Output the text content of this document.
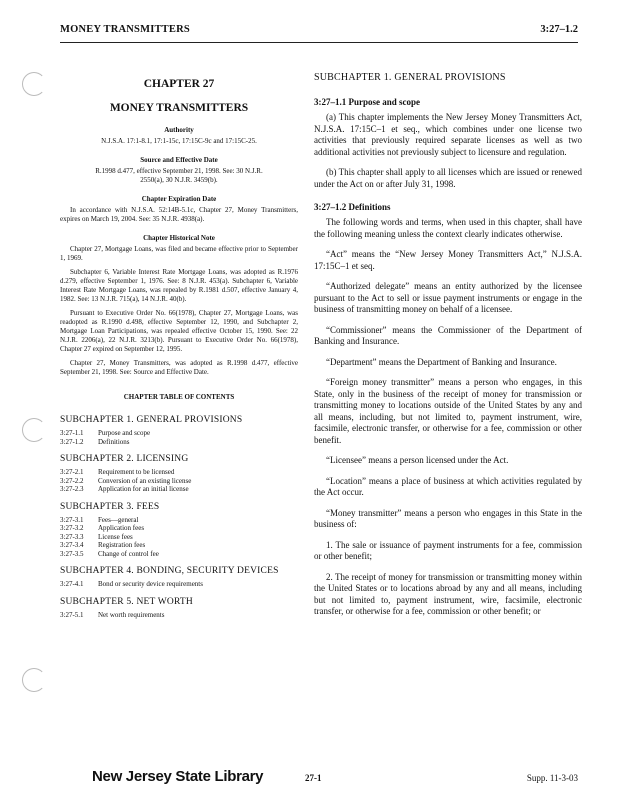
MONEY TRANSMITTERS	3:27–1.2
CHAPTER 27
MONEY TRANSMITTERS
Authority
N.J.S.A. 17:1-8.1, 17:1-15c, 17:15C-9c and 17:15C-25.
Source and Effective Date
R.1998 d.477, effective September 21, 1998. See: 30 N.J.R. 2550(a), 30 N.J.R. 3459(b).
Chapter Expiration Date
In accordance with N.J.S.A. 52:14B-5.1c, Chapter 27, Money Transmitters, expires on March 19, 2004. See: 35 N.J.R. 4938(a).
Chapter Historical Note
Chapter 27, Mortgage Loans, was filed and became effective prior to September 1, 1969.
Subchapter 6, Variable Interest Rate Mortgage Loans, was adopted as R.1976 d.279, effective September 1, 1976. See: 8 N.J.R. 453(a). Subchapter 6, Variable Interest Rate Mortgage Loans, was repealed by R.1981 d.507, effective January 4, 1982. See: 13 N.J.R. 715(a), 14 N.J.R. 40(b).
Pursuant to Executive Order No. 66(1978), Chapter 27, Mortgage Loans, was readopted as R.1990 d.498, effective September 12, 1990, and Subchapter 2, Mortgage Loan Participations, was repealed effective October 15, 1990. See: 22 N.J.R. 2206(a), 22 N.J.R. 3213(b). Pursuant to Executive Order No. 66(1978), Chapter 27 expired on September 12, 1995.
Chapter 27, Money Transmitters, was adopted as R.1998 d.477, effective September 21, 1998. See: Source and Effective Date.
CHAPTER TABLE OF CONTENTS
SUBCHAPTER 1. GENERAL PROVISIONS
3:27-1.1	Purpose and scope
3:27-1.2	Definitions
SUBCHAPTER 2. LICENSING
3:27-2.1	Requirement to be licensed
3:27-2.2	Conversion of an existing license
3:27-2.3	Application for an initial license
SUBCHAPTER 3. FEES
3:27-3.1	Fees—general
3:27-3.2	Application fees
3:27-3.3	License fees
3:27-3.4	Registration fees
3:27-3.5	Change of control fee
SUBCHAPTER 4. BONDING, SECURITY DEVICES
3:27-4.1	Bond or security device requirements
SUBCHAPTER 5. NET WORTH
3:27-5.1	Net worth requirements
SUBCHAPTER 1. GENERAL PROVISIONS
3:27–1.1 Purpose and scope

(a) This chapter implements the New Jersey Money Transmitters Act, N.J.S.A. 17:15C–1 et seq., which combines under one license two activities that previously required separate licenses as well as two additional activities not previously subject to licensure and regulation.

(b) This chapter shall apply to all licenses which are issued or renewed under the Act on or after July 31, 1998.

3:27–1.2 Definitions

The following words and terms, when used in this chapter, shall have the following meaning unless the context clearly indicates otherwise.

“Act” means the “New Jersey Money Transmitters Act,” N.J.S.A. 17:15C–1 et seq.

“Authorized delegate” means an entity authorized by the licensee pursuant to the Act to sell or issue payment instruments or engage in the business of transmitting money on behalf of a licensee.

“Commissioner” means the Commissioner of the Department of Banking and Insurance.

“Department” means the Department of Banking and Insurance.

“Foreign money transmitter” means a person who engages, in this State, only in the business of the receipt of money for transmission or transmitting money to locations outside of the United States by any and all means, including, but not limited to, payment instrument, wire, facsimile, electronic transfer, or otherwise for a fee, commission or other benefit.

“Licensee” means a person licensed under the Act.

“Location” means a place of business at which activities regulated by the Act occur.

“Money transmitter” means a person who engages in this State in the business of:

1. The sale or issuance of payment instruments for a fee, commission or other benefit;

2. The receipt of money for transmission or transmitting money within the United States or to locations abroad by any and all means, including but not limited to, payment instrument, wire, facsimile, electronic transfer, or otherwise for a fee, commission or other benefit; or

New Jersey State Library	27-1	Supp. 11-3-03
